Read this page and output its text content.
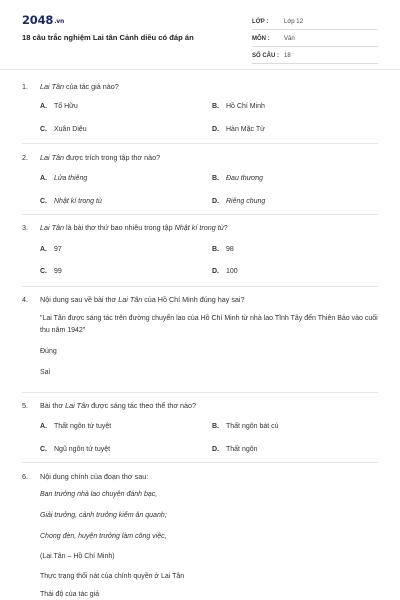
2048.vn
18 câu trắc nghiệm Lai tân Cảnh diều có đáp án
LỚP :	Lớp 12
MÔN :	Văn
SỐ CÂU : 18
1.	Lai Tân của tác giả nào?
A. Tố Hữu	B. Hồ Chí Minh
C. Xuân Diệu	D. Hàn Mặc Tử
2.	Lai Tân được trích trong tập thơ nào?
A. Lửa thiêng	B. Đau thương
C. Nhật kí trong tù	D. Riêng chung
3.	Lai Tân là bài thơ thứ bao nhiêu trong tập Nhật kí trong tù?
A. 97	B. 98
C. 99	D. 100
4.	Nội dung sau về bài thơ Lai Tân của Hồ Chí Minh đúng hay sai?
"Lai Tân được sáng tác trên đường chuyển lao của Hồ Chí Minh từ nhà lao Tĩnh Tây đến Thiên Bảo vào cuối thu năm 1942"
Đúng
Sai
5.	Bài thơ Lai Tân được sáng tác theo thể thơ nào?
A. Thất ngôn tứ tuyệt	B. Thất ngôn bát cú
C. Ngũ ngôn tứ tuyệt	D. Thất ngôn
6.	Nội dung chính của đoạn thơ sau:
Ban trưởng nhà lao chuyên đánh bạc,
Giải trưởng, cảnh trưởng kiếm ăn quanh;
Chong đèn, huyện trưởng làm công việc,
(Lai Tân – Hồ Chí Minh)
Thực trạng thối nát của chính quyền ở Lai Tân
Thái độ của tác giả
